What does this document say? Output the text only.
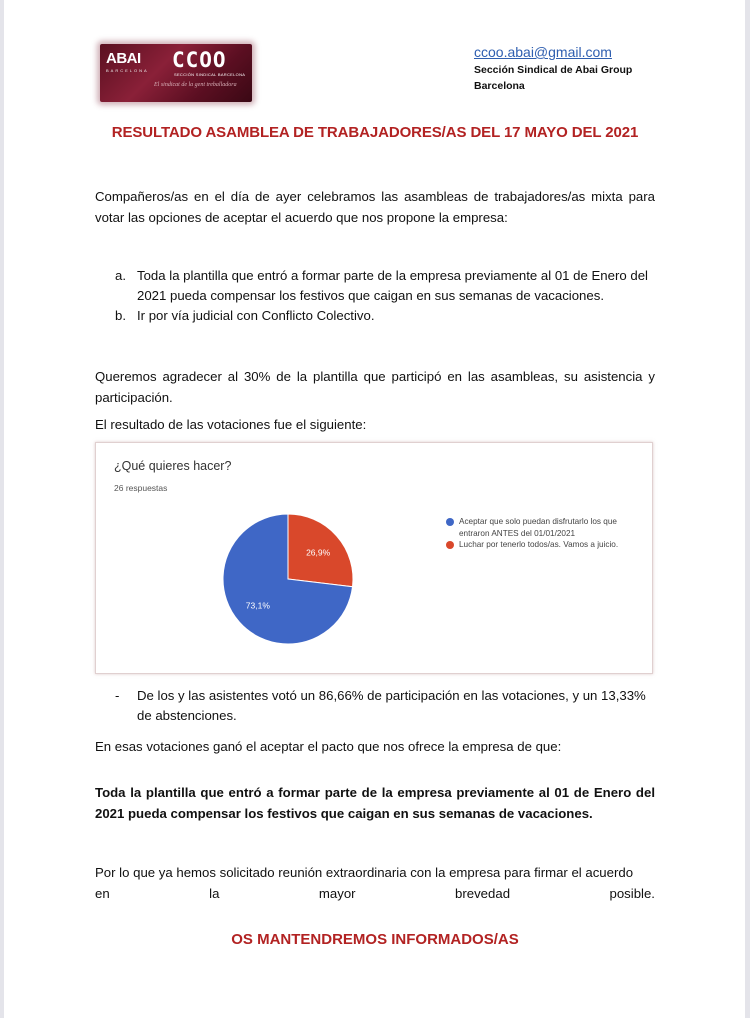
ABAI
BARCELONA CCOO
SECCIÓN SINDICAL BARCELONA
El sindicat de la gent treballadora
ccoo.abai@gmail.com
Sección Sindical de Abai Group
Barcelona
RESULTADO ASAMBLEA DE TRABAJADORES/AS DEL 17 MAYO DEL 2021
Compañeros/as en el día de ayer celebramos las asambleas de trabajadores/as mixta para votar las opciones de aceptar el acuerdo que nos propone la empresa:
a. Toda la plantilla que entró a formar parte de la empresa previamente al 01 de Enero del 2021 pueda compensar los festivos que caigan en sus semanas de vacaciones.
b. Ir por vía judicial con Conflicto Colectivo.
Queremos agradecer al 30% de la plantilla que participó en las asambleas, su asistencia y participación.
El resultado de las votaciones fue el siguiente:
¿Qué quieres hacer?
26 respuestas
26,9%
73,1%
Aceptar que solo puedan disfrutarlo los que entraron ANTES del 01/01/2021
Luchar por tenerlo todos/as. Vamos a juicio.
- De los y las asistentes votó un 86,66% de participación en las votaciones, y un 13,33% de abstenciones.
En esas votaciones ganó el aceptar el pacto que nos ofrece la empresa de que:
Toda la plantilla que entró a formar parte de la empresa previamente al 01 de Enero del 2021 pueda compensar los festivos que caigan en sus semanas de vacaciones.
Por lo que ya hemos solicitado reunión extraordinaria con la empresa para firmar el acuerdo
en	la	mayor	brevedad	posible.
OS MANTENDREMOS INFORMADOS/AS
